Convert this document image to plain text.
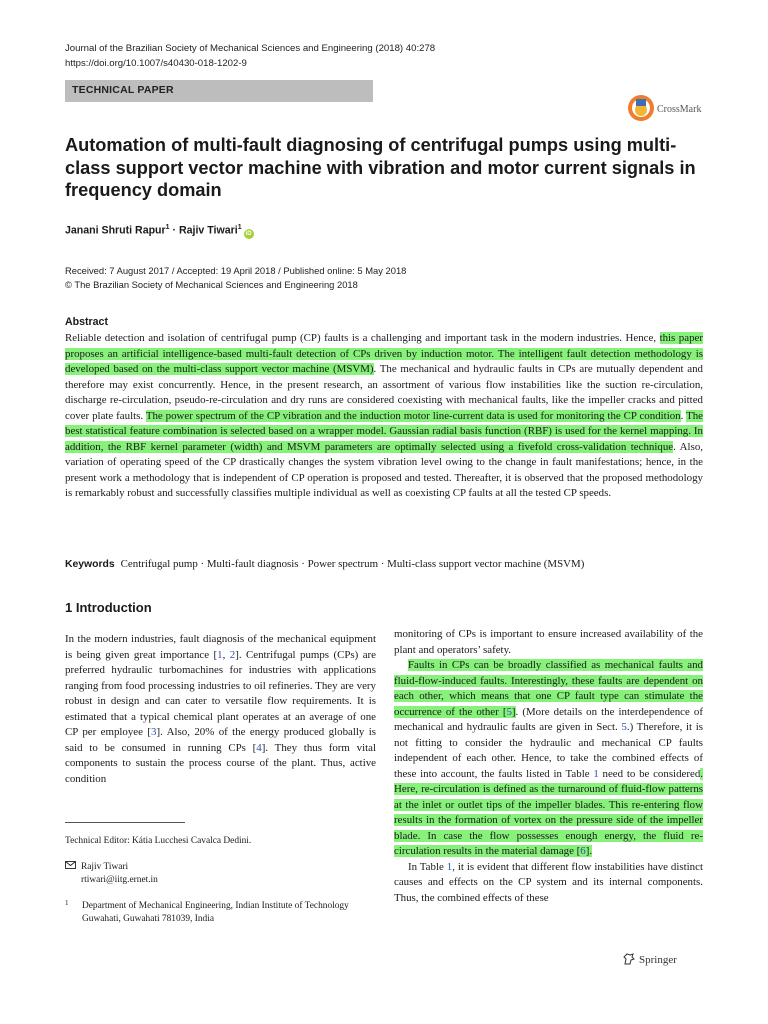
Journal of the Brazilian Society of Mechanical Sciences and Engineering (2018) 40:278
https://doi.org/10.1007/s40430-018-1202-9
TECHNICAL PAPER
CrossMark
Automation of multi-fault diagnosing of centrifugal pumps using multi-class support vector machine with vibration and motor current signals in frequency domain
Janani Shruti Rapur$^1$ · Rajiv Tiwari$^1$iD
Received: 7 August 2017 / Accepted: 19 April 2018 / Published online: 5 May 2018
© The Brazilian Society of Mechanical Sciences and Engineering 2018
Abstract
Reliable detection and isolation of centrifugal pump (CP) faults is a challenging and important task in the modern industries. Hence, this paper proposes an artificial intelligence-based multi-fault detection of CPs driven by induction motor. The intelligent fault detection methodology is developed based on the multi-class support vector machine (MSVM). The mechanical and hydraulic faults in CPs are mutually dependent and therefore may exist concurrently. Hence, in the present research, an assortment of various flow instabilities like the suction re-circulation, discharge re-circulation, pseudo-re-circulation and dry runs are considered coexisting with mechanical faults, like the impeller cracks and pitted cover plate faults. The power spectrum of the CP vibration and the induction motor line-current data is used for monitoring the CP condition. The best statistical feature combination is selected based on a wrapper model. Gaussian radial basis function (RBF) is used for the kernel mapping. In addition, the RBF kernel parameter (width) and MSVM parameters are optimally selected using a fivefold cross-validation technique. Also, variation of operating speed of the CP drastically changes the system vibration level owing to the change in fault manifestations; hence, in the present work a methodology that is independent of CP operation is proposed and tested. Thereafter, it is observed that the proposed methodology is remarkably robust and successfully classifies multiple individual as well as coexisting CP faults at all the tested CP speeds.
Keywords Centrifugal pump · Multi-fault diagnosis · Power spectrum · Multi-class support vector machine (MSVM)
1 Introduction

In the modern industries, fault diagnosis of the mechanical equipment is being given great importance [1, 2]. Centrifugal pumps (CPs) are preferred hydraulic turbomachines for industries with applications ranging from food processing industries to oil refineries. They are very robust in design and can cater to versatile flow requirements. It is estimated that a typical chemical plant operates at an average of one CP per employee [3]. Also, 20% of the energy produced globally is said to be consumed in running CPs [4]. They thus form vital components to sustain the process course of the plant. Thus, active condition

monitoring of CPs is important to ensure increased availability of the plant and operators’ safety.

Faults in CPs can be broadly classified as mechanical faults and fluid-flow-induced faults. Interestingly, these faults are dependent on each other, which means that one CP fault type can stimulate the occurrence of the other [5]. (More details on the interdependence of mechanical and hydraulic faults are given in Sect. 5.) Therefore, it is not fitting to consider the hydraulic and mechanical CP faults independent of each other. Hence, to take the combined effects of these into account, the faults listed in Table 1 need to be considered. Here, re-circulation is defined as the turnaround of fluid-flow patterns at the inlet or outlet tips of the impeller blades. This re-entering flow results in the formation of vortex on the pressure side of the impeller blade. In case the flow possesses enough energy, the fluid re-circulation results in the material damage [6].

In Table 1, it is evident that different flow instabilities have distinct causes and effects on the CP system and its internal components. Thus, the combined effects of these

Technical Editor: Kátia Lucchesi Cavalca Dedini.
Rajiv Tiwari
rtiwari@iitg.ernet.in
1	Department of Mechanical Engineering, Indian Institute of Technology Guwahati, Guwahati 781039, India
Springer
